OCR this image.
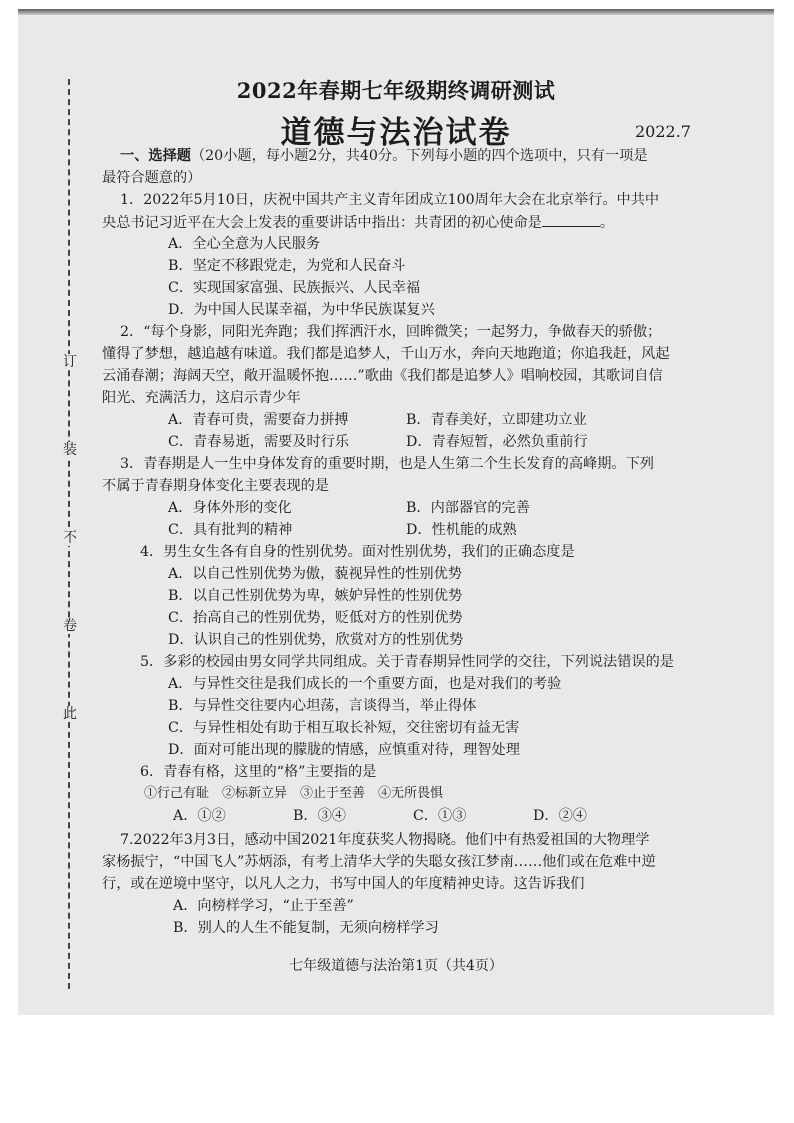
订
装
不
卷
此
2022年春期七年级期终调研测试
道德与法治试卷	2022.7
一、选择题（20小题，每小题2分，共40分。下列每小题的四个选项中，只有一项是
最符合题意的）
1．2022年5月10日，庆祝中国共产主义青年团成立100周年大会在北京举行。中共中
央总书记习近平在大会上发表的重要讲话中指出：共青团的初心使命是	。
A．全心全意为人民服务
B．坚定不移跟党走，为党和人民奋斗
C．实现国家富强、民族振兴、人民幸福
D．为中国人民谋幸福，为中华民族谋复兴
2．“每个身影，同阳光奔跑；我们挥洒汗水，回眸微笑；一起努力，争做春天的骄傲；
懂得了梦想，越追越有味道。我们都是追梦人，千山万水，奔向天地跑道；你追我赶，风起
云涌春潮；海阔天空，敞开温暖怀抱……”歌曲《我们都是追梦人》唱响校园，其歌词自信
阳光、充满活力，这启示青少年
A．青春可贵，需要奋力拼搏	B．青春美好，立即建功立业
C．青春易逝，需要及时行乐	D．青春短暂，必然负重前行
3．青春期是人一生中身体发育的重要时期，也是人生第二个生长发育的高峰期。下列
不属于青春期身体变化主要表现的是
A．身体外形的变化	B．内部器官的完善
C．具有批判的精神	D．性机能的成熟
4．男生女生各有自身的性别优势。面对性别优势，我们的正确态度是
A．以自己性别优势为傲，藐视异性的性别优势
B．以自己性别优势为卑，嫉妒异性的性别优势
C．抬高自己的性别优势，贬低对方的性别优势
D．认识自己的性别优势，欣赏对方的性别优势
5．多彩的校园由男女同学共同组成。关于青春期异性同学的交往，下列说法错误的是
A．与异性交往是我们成长的一个重要方面，也是对我们的考验
B．与异性交往要内心坦荡，言谈得当，举止得体
C．与异性相处有助于相互取长补短，交往密切有益无害
D．面对可能出现的朦胧的情感，应慎重对待，理智处理
6．青春有格，这里的“格”主要指的是
①行己有耻　②标新立异　③止于至善　④无所畏惧
A．①②	B．③④	C．①③	D．②④
7.2022年3月3日，感动中国2021年度获奖人物揭晓。他们中有热爱祖国的大物理学
家杨振宁，“中国飞人”苏炳添，有考上清华大学的失聪女孩江梦南……他们或在危难中逆
行，或在逆境中坚守，以凡人之力，书写中国人的年度精神史诗。这告诉我们
A．向榜样学习，“止于至善”
B．别人的人生不能复制，无须向榜样学习
七年级道德与法治第1页（共4页）
